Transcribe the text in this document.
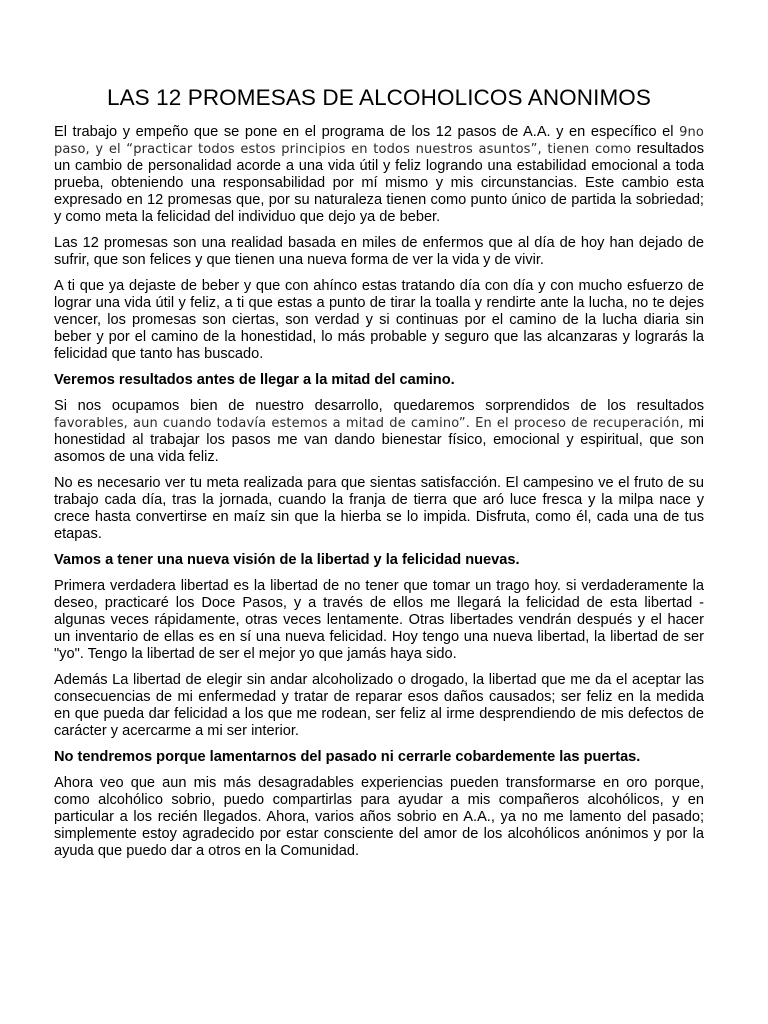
LAS 12 PROMESAS DE ALCOHOLICOS ANONIMOS

El trabajo y empeño que se pone en el programa de los 12 pasos de A.A. y en específico el 9no paso, y el “practicar todos estos principios en todos nuestros asuntos”, tienen como resultados un cambio de personalidad acorde a una vida útil y feliz logrando una estabilidad emocional a toda prueba, obteniendo una responsabilidad por mí mismo y mis circunstancias. Este cambio esta expresado en 12 promesas que, por su naturaleza tienen como punto único de partida la sobriedad; y como meta la felicidad del individuo que dejo ya de beber.

Las 12 promesas son una realidad basada en miles de enfermos que al día de hoy han dejado de sufrir, que son felices y que tienen una nueva forma de ver la vida y de vivir.

A ti que ya dejaste de beber y que con ahínco estas tratando día con día y con mucho esfuerzo de lograr una vida útil y feliz, a ti que estas a punto de tirar la toalla y rendirte ante la lucha, no te dejes vencer, los promesas son ciertas, son verdad y si continuas por el camino de la lucha diaria sin beber y por el camino de la honestidad, lo más probable y seguro que las alcanzaras y lograrás la felicidad que tanto has buscado.

Veremos resultados antes de llegar a la mitad del camino.

Si nos ocupamos bien de nuestro desarrollo, quedaremos sorprendidos de los resultados favorables, aun cuando todavía estemos a mitad de camino”. En el proceso de recuperación, mi honestidad al trabajar los pasos me van dando bienestar físico, emocional y espiritual, que son asomos de una vida feliz.

No es necesario ver tu meta realizada para que sientas satisfacción. El campesino ve el fruto de su trabajo cada día, tras la jornada, cuando la franja de tierra que aró luce fresca y la milpa nace y crece hasta convertirse en maíz sin que la hierba se lo impida. Disfruta, como él, cada una de tus etapas.

Vamos a tener una nueva visión de la libertad y la felicidad nuevas.

Primera verdadera libertad es la libertad de no tener que tomar un trago hoy. si verdaderamente la deseo, practicaré los Doce Pasos, y a través de ellos me llegará la felicidad de esta libertad - algunas veces rápidamente, otras veces lentamente. Otras libertades vendrán después y el hacer un inventario de ellas es en sí una nueva felicidad. Hoy tengo una nueva libertad, la libertad de ser "yo". Tengo la libertad de ser el mejor yo que jamás haya sido.

Además La libertad de elegir sin andar alcoholizado o drogado, la libertad que me da el aceptar las consecuencias de mi enfermedad y tratar de reparar esos daños causados; ser feliz en la medida en que pueda dar felicidad a los que me rodean, ser feliz al irme desprendiendo de mis defectos de carácter y acercarme a mi ser interior.

No tendremos porque lamentarnos del pasado ni cerrarle cobardemente las puertas.

Ahora veo que aun mis más desagradables experiencias pueden transformarse en oro porque, como alcohólico sobrio, puedo compartirlas para ayudar a mis compañeros alcohólicos, y en particular a los recién llegados. Ahora, varios años sobrio en A.A., ya no me lamento del pasado; simplemente estoy agradecido por estar consciente del amor de los alcohólicos anónimos y por la ayuda que puedo dar a otros en la Comunidad.
